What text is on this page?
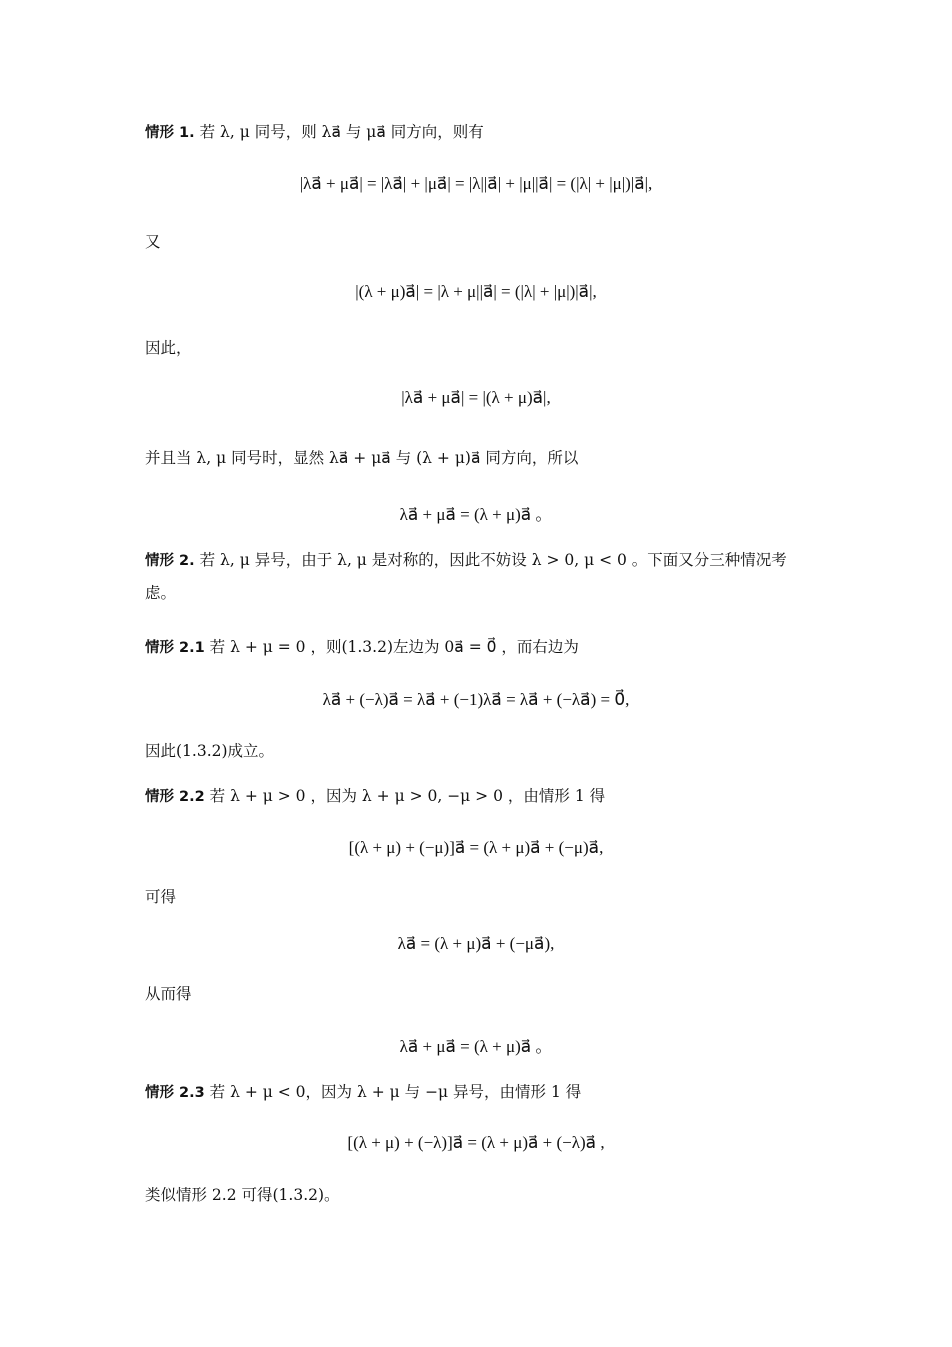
情形 1. 若 λ, μ 同号，则 λa⃗ 与 μa⃗ 同方向，则有
|λa⃗ + μa⃗| = |λa⃗| + |μa⃗| = |λ||a⃗| + |μ||a⃗| = (|λ| + |μ|)|a⃗|,
又
|(λ + μ)a⃗| = |λ + μ||a⃗| = (|λ| + |μ|)|a⃗|,
因此，
|λa⃗ + μa⃗| = |(λ + μ)a⃗|,
并且当 λ, μ 同号时，显然 λa⃗ + μa⃗ 与 (λ + μ)a⃗ 同方向，所以
λa⃗ + μa⃗ = (λ + μ)a⃗ 。
情形 2. 若 λ, μ 异号，由于 λ, μ 是对称的，因此不妨设 λ > 0, μ < 0 。下面又分三种情况考虑。
情形 2.1 若 λ + μ = 0 ，则(1.3.2)左边为 0a⃗ = 0⃗ ，而右边为
λa⃗ + (−λ)a⃗ = λa⃗ + (−1)λa⃗ = λa⃗ + (−λa⃗) = 0⃗,
因此(1.3.2)成立。
情形 2.2 若 λ + μ > 0 ，因为 λ + μ > 0, −μ > 0 ，由情形 1 得
[(λ + μ) + (−μ)]a⃗ = (λ + μ)a⃗ + (−μ)a⃗,
可得
λa⃗ = (λ + μ)a⃗ + (−μa⃗),
从而得
λa⃗ + μa⃗ = (λ + μ)a⃗ 。
情形 2.3 若 λ + μ < 0，因为 λ + μ 与 −μ 异号，由情形 1 得
[(λ + μ) + (−λ)]a⃗ = (λ + μ)a⃗ + (−λ)a⃗ ,
类似情形 2.2 可得(1.3.2)。
